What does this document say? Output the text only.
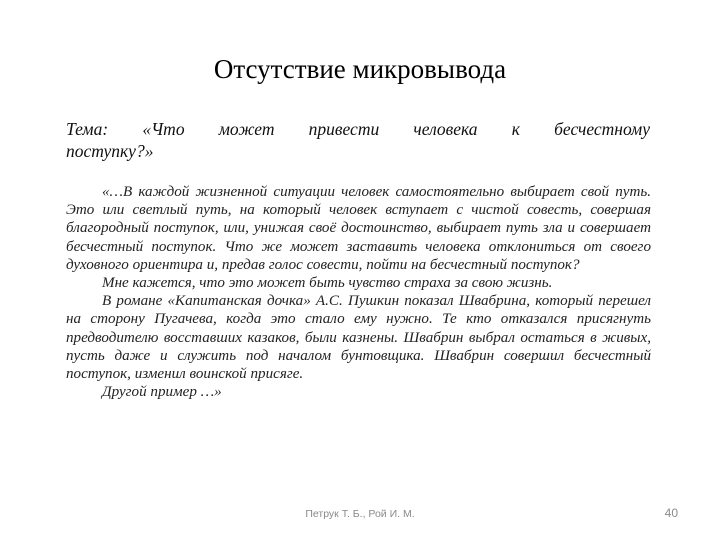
Отсутствие микровывода
Тема: «Что может привести человека к бесчестному
поступку?»

«…В каждой жизненной ситуации человек самостоятельно выбирает свой путь. Это или светлый путь, на который человек вступает с чистой совесть, совершая благородный поступок, или, унижая своё достоинство, выбирает путь зла и совершает бесчестный поступок. Что же может заставить человека отклониться от своего духовного ориентира и, предав голос совести, пойти на бесчестный поступок?

Мне кажется, что это может быть чувство страха за свою жизнь.

В романе «Капитанская дочка» А.С. Пушкин показал Швабрина, который перешел на сторону Пугачева, когда это стало ему нужно. Те кто отказался присягнуть предводителю восставших казаков, были казнены. Швабрин выбрал остаться в живых, пусть даже и служить под началом бунтовщика. Швабрин совершил бесчестный поступок, изменил воинской присяге.

Другой пример …»

Петрук Т. Б., Рой И. М.	40
